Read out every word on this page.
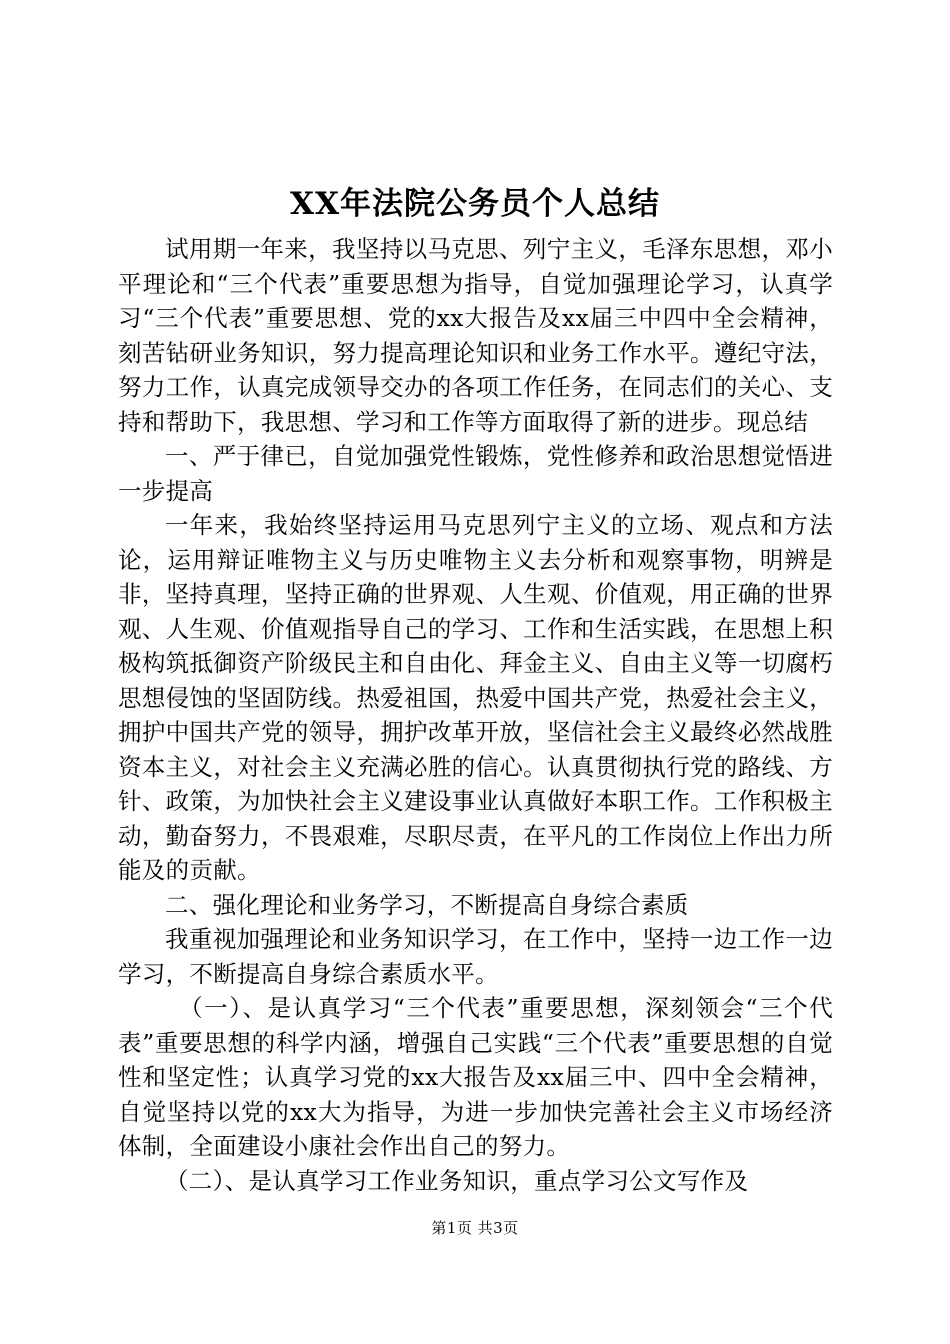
XX年法院公务员个人总结

试用期一年来，我坚持以马克思、列宁主义，毛泽东思想，邓小平理论和“三个代表”重要思想为指导，自觉加强理论学习，认真学习“三个代表”重要思想、党的xx大报告及xx届三中四中全会精神，刻苦钻研业务知识，努力提高理论知识和业务工作水平。遵纪守法，努力工作，认真完成领导交办的各项工作任务，在同志们的关心、支持和帮助下，我思想、学习和工作等方面取得了新的进步。现总结

一、严于律已，自觉加强党性锻炼，党性修养和政治思想觉悟进一步提高

一年来，我始终坚持运用马克思列宁主义的立场、观点和方法论，运用辩证唯物主义与历史唯物主义去分析和观察事物，明辨是非，坚持真理，坚持正确的世界观、人生观、价值观，用正确的世界观、人生观、价值观指导自己的学习、工作和生活实践，在思想上积极构筑抵御资产阶级民主和自由化、拜金主义、自由主义等一切腐朽思想侵蚀的坚固防线。热爱祖国，热爱中国共产党，热爱社会主义，拥护中国共产党的领导，拥护改革开放，坚信社会主义最终必然战胜资本主义，对社会主义充满必胜的信心。认真贯彻执行党的路线、方针、政策，为加快社会主义建设事业认真做好本职工作。工作积极主动，勤奋努力，不畏艰难，尽职尽责，在平凡的工作岗位上作出力所能及的贡献。

二、强化理论和业务学习，不断提高自身综合素质

我重视加强理论和业务知识学习，在工作中，坚持一边工作一边学习，不断提高自身综合素质水平。

（一）、是认真学习“三个代表”重要思想，深刻领会“三个代表”重要思想的科学内涵，增强自己实践“三个代表”重要思想的自觉性和坚定性；认真学习党的xx大报告及xx届三中、四中全会精神，自觉坚持以党的xx大为指导，为进一步加快完善社会主义市场经济体制，全面建设小康社会作出自己的努力。

（二）、是认真学习工作业务知识，重点学习公文写作及

第1页 共3页
